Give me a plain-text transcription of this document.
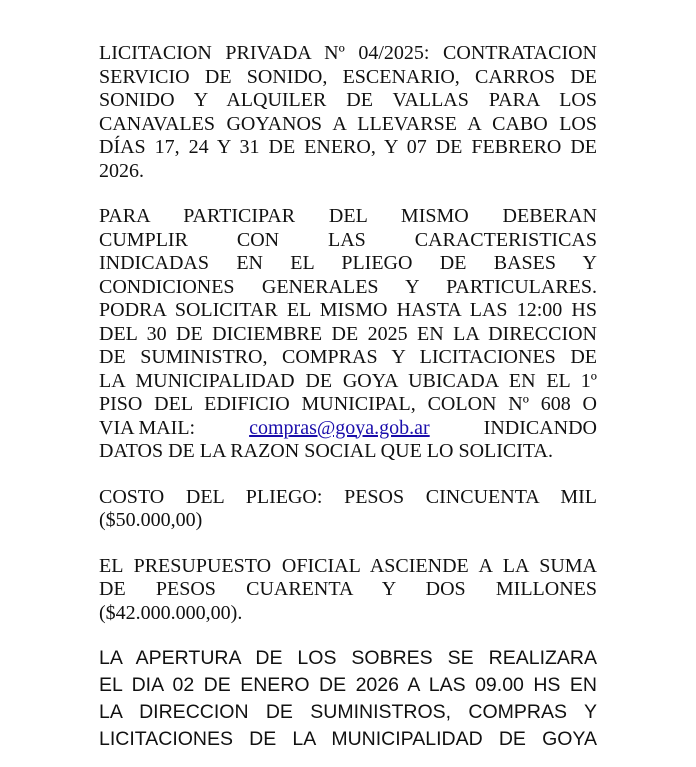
LICITACION PRIVADA Nº 04/2025: CONTRATACION
SERVICIO DE SONIDO, ESCENARIO, CARROS DE
SONIDO Y ALQUILER DE VALLAS PARA LOS
CANAVALES GOYANOS A LLEVARSE A CABO LOS
DÍAS 17, 24 Y 31 DE ENERO, Y 07 DE FEBRERO DE
2026.

PARA PARTICIPAR DEL MISMO DEBERAN
CUMPLIR CON LAS CARACTERISTICAS
INDICADAS EN EL PLIEGO DE BASES Y
CONDICIONES GENERALES Y PARTICULARES.
PODRA SOLICITAR EL MISMO HASTA LAS 12:00 HS
DEL 30 DE DICIEMBRE DE 2025 EN LA DIRECCION
DE SUMINISTRO, COMPRAS Y LICITACIONES DE
LA MUNICIPALIDAD DE GOYA UBICADA EN EL 1º
PISO DEL EDIFICIO MUNICIPAL, COLON Nº 608 O
VIA MAIL:	compras@goya.gob.ar	INDICANDO
DATOS DE LA RAZON SOCIAL QUE LO SOLICITA.

COSTO DEL PLIEGO: PESOS CINCUENTA MIL
($50.000,00)

EL PRESUPUESTO OFICIAL ASCIENDE A LA SUMA
DE PESOS CUARENTA Y DOS MILLONES
($42.000.000,00).

LA APERTURA DE LOS SOBRES SE REALIZARA
EL DIA 02 DE ENERO DE 2026 A LAS 09.00 HS EN
LA DIRECCION DE SUMINISTROS, COMPRAS Y
LICITACIONES DE LA MUNICIPALIDAD DE GOYA
